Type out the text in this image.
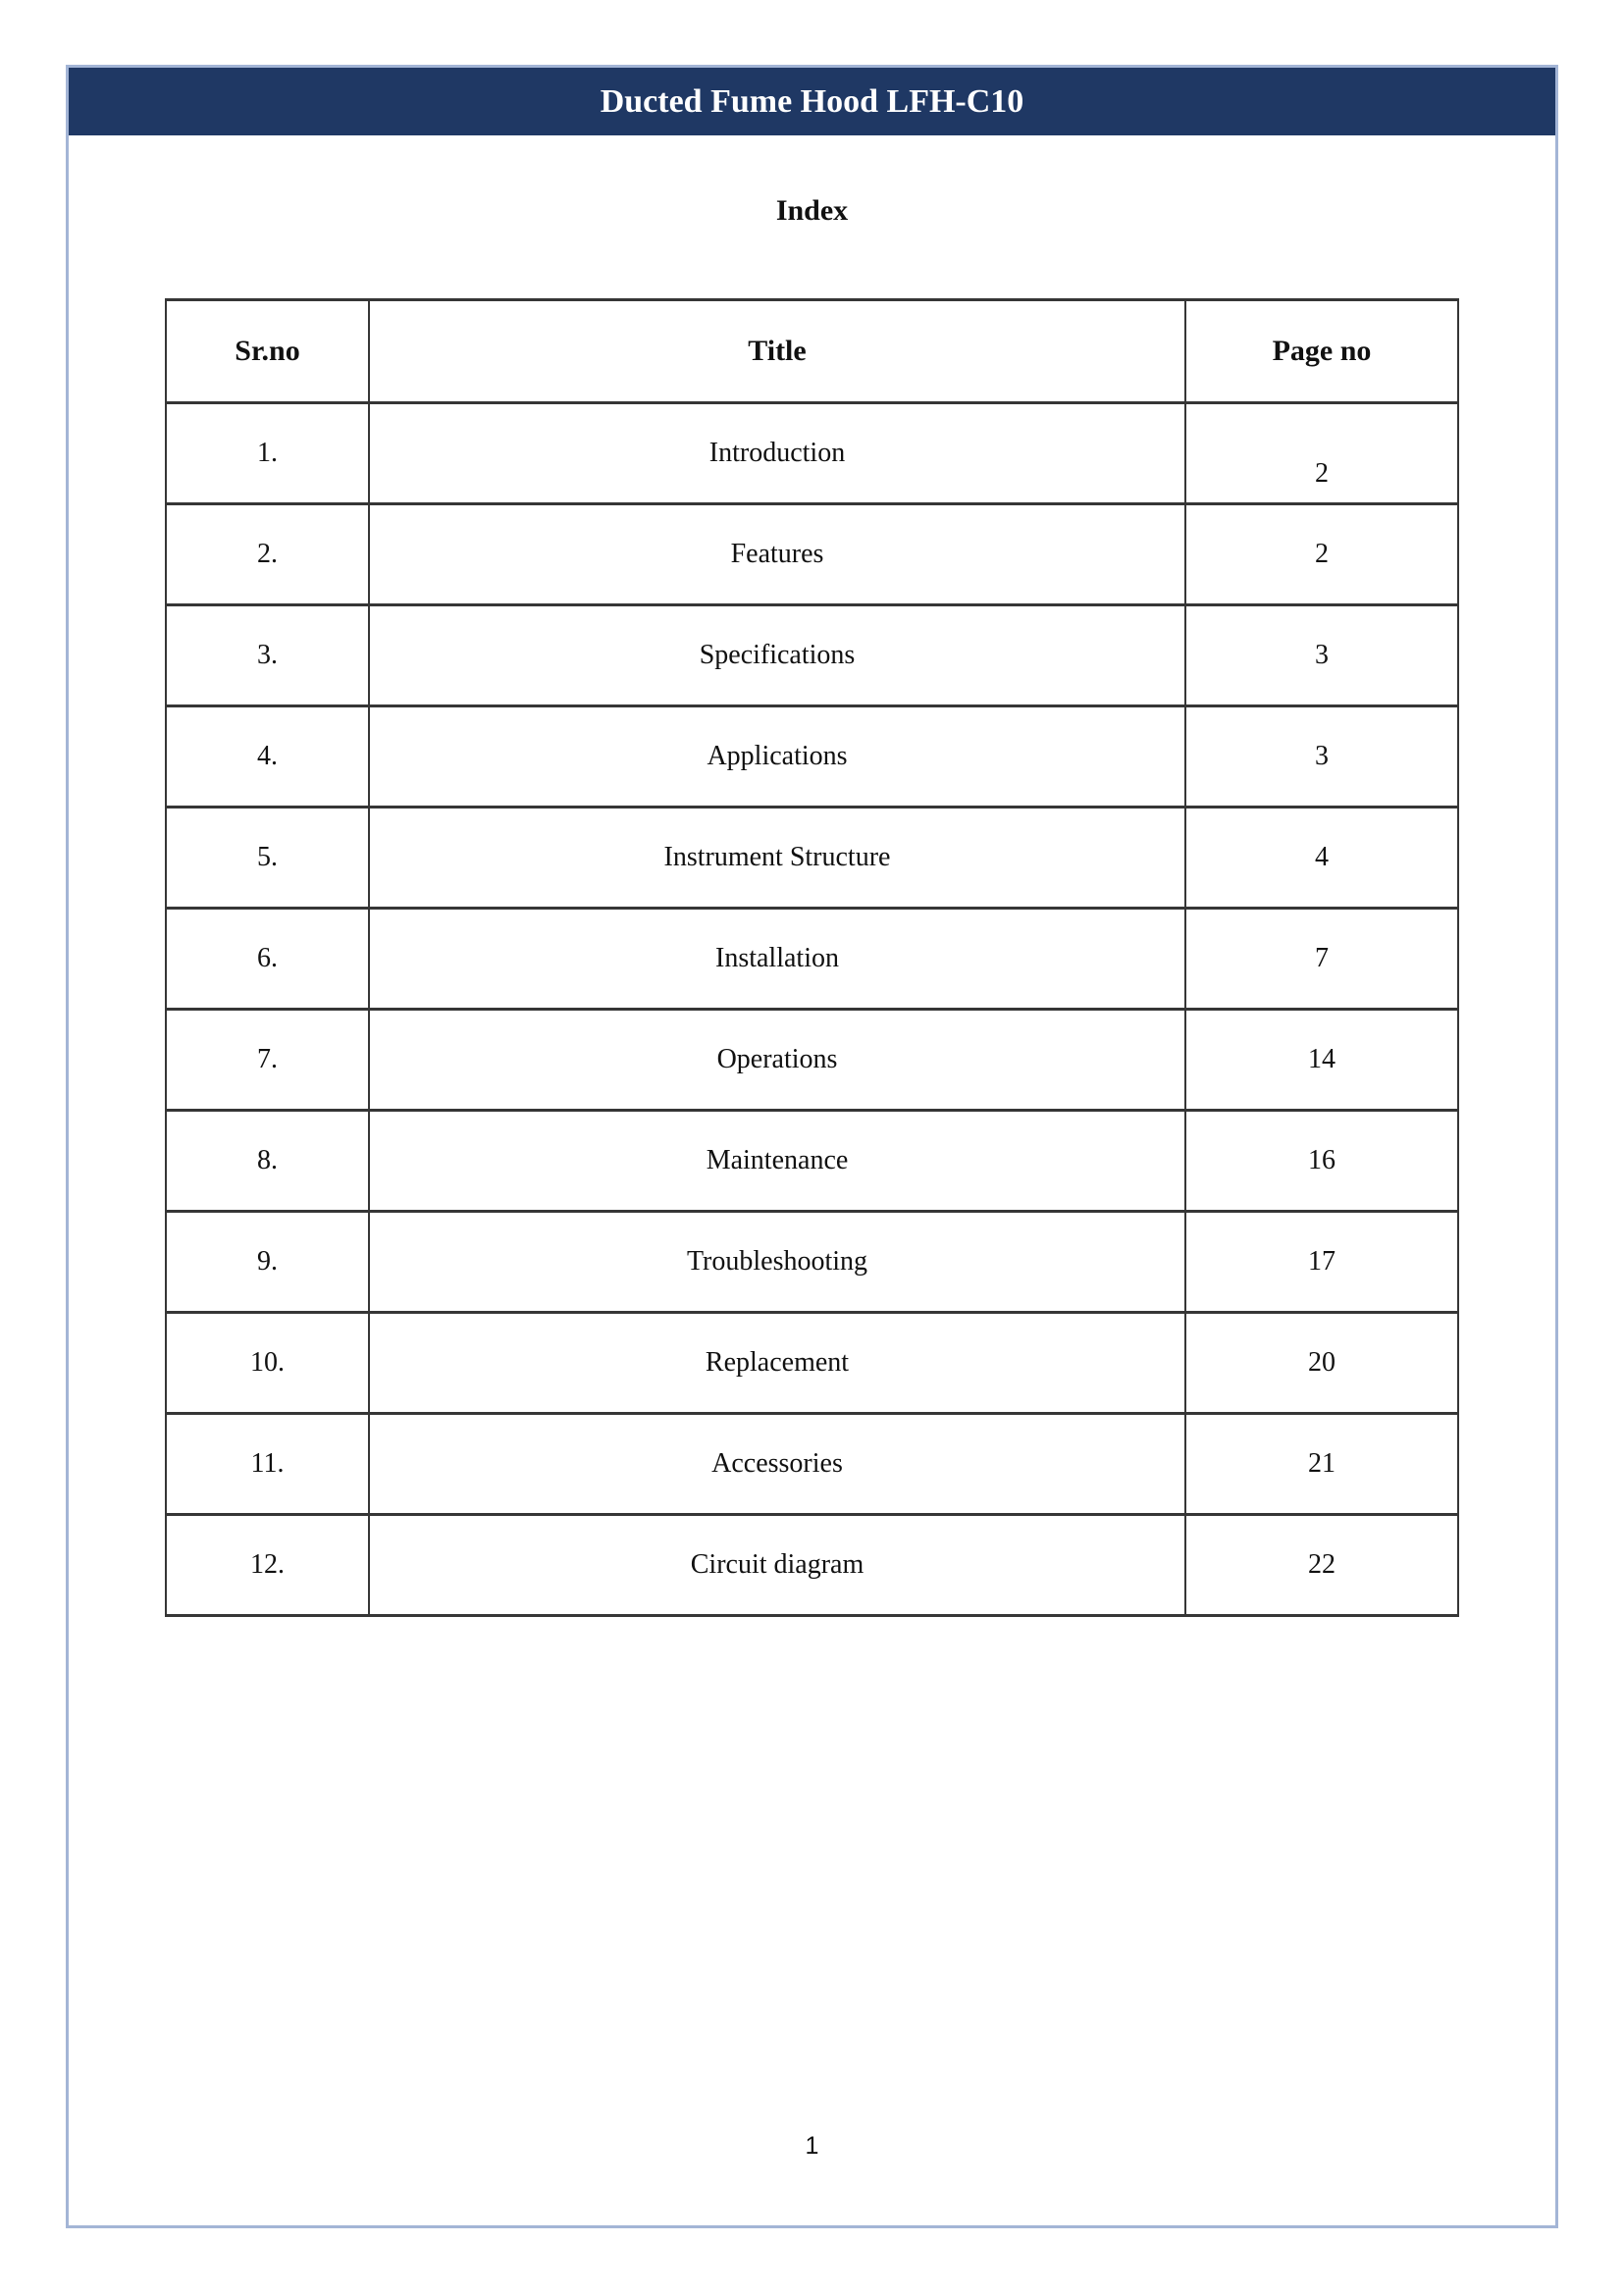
Ducted Fume Hood LFH-C10
Index
Sr.no	Title	Page no
1.	Introduction	2
2.	Features	2
3.	Specifications	3
4.	Applications	3
5.	Instrument Structure	4
6.	Installation	7
7.	Operations	14
8.	Maintenance	16
9.	Troubleshooting	17
10.	Replacement	20
11.	Accessories	21
12.	Circuit diagram	22
1
